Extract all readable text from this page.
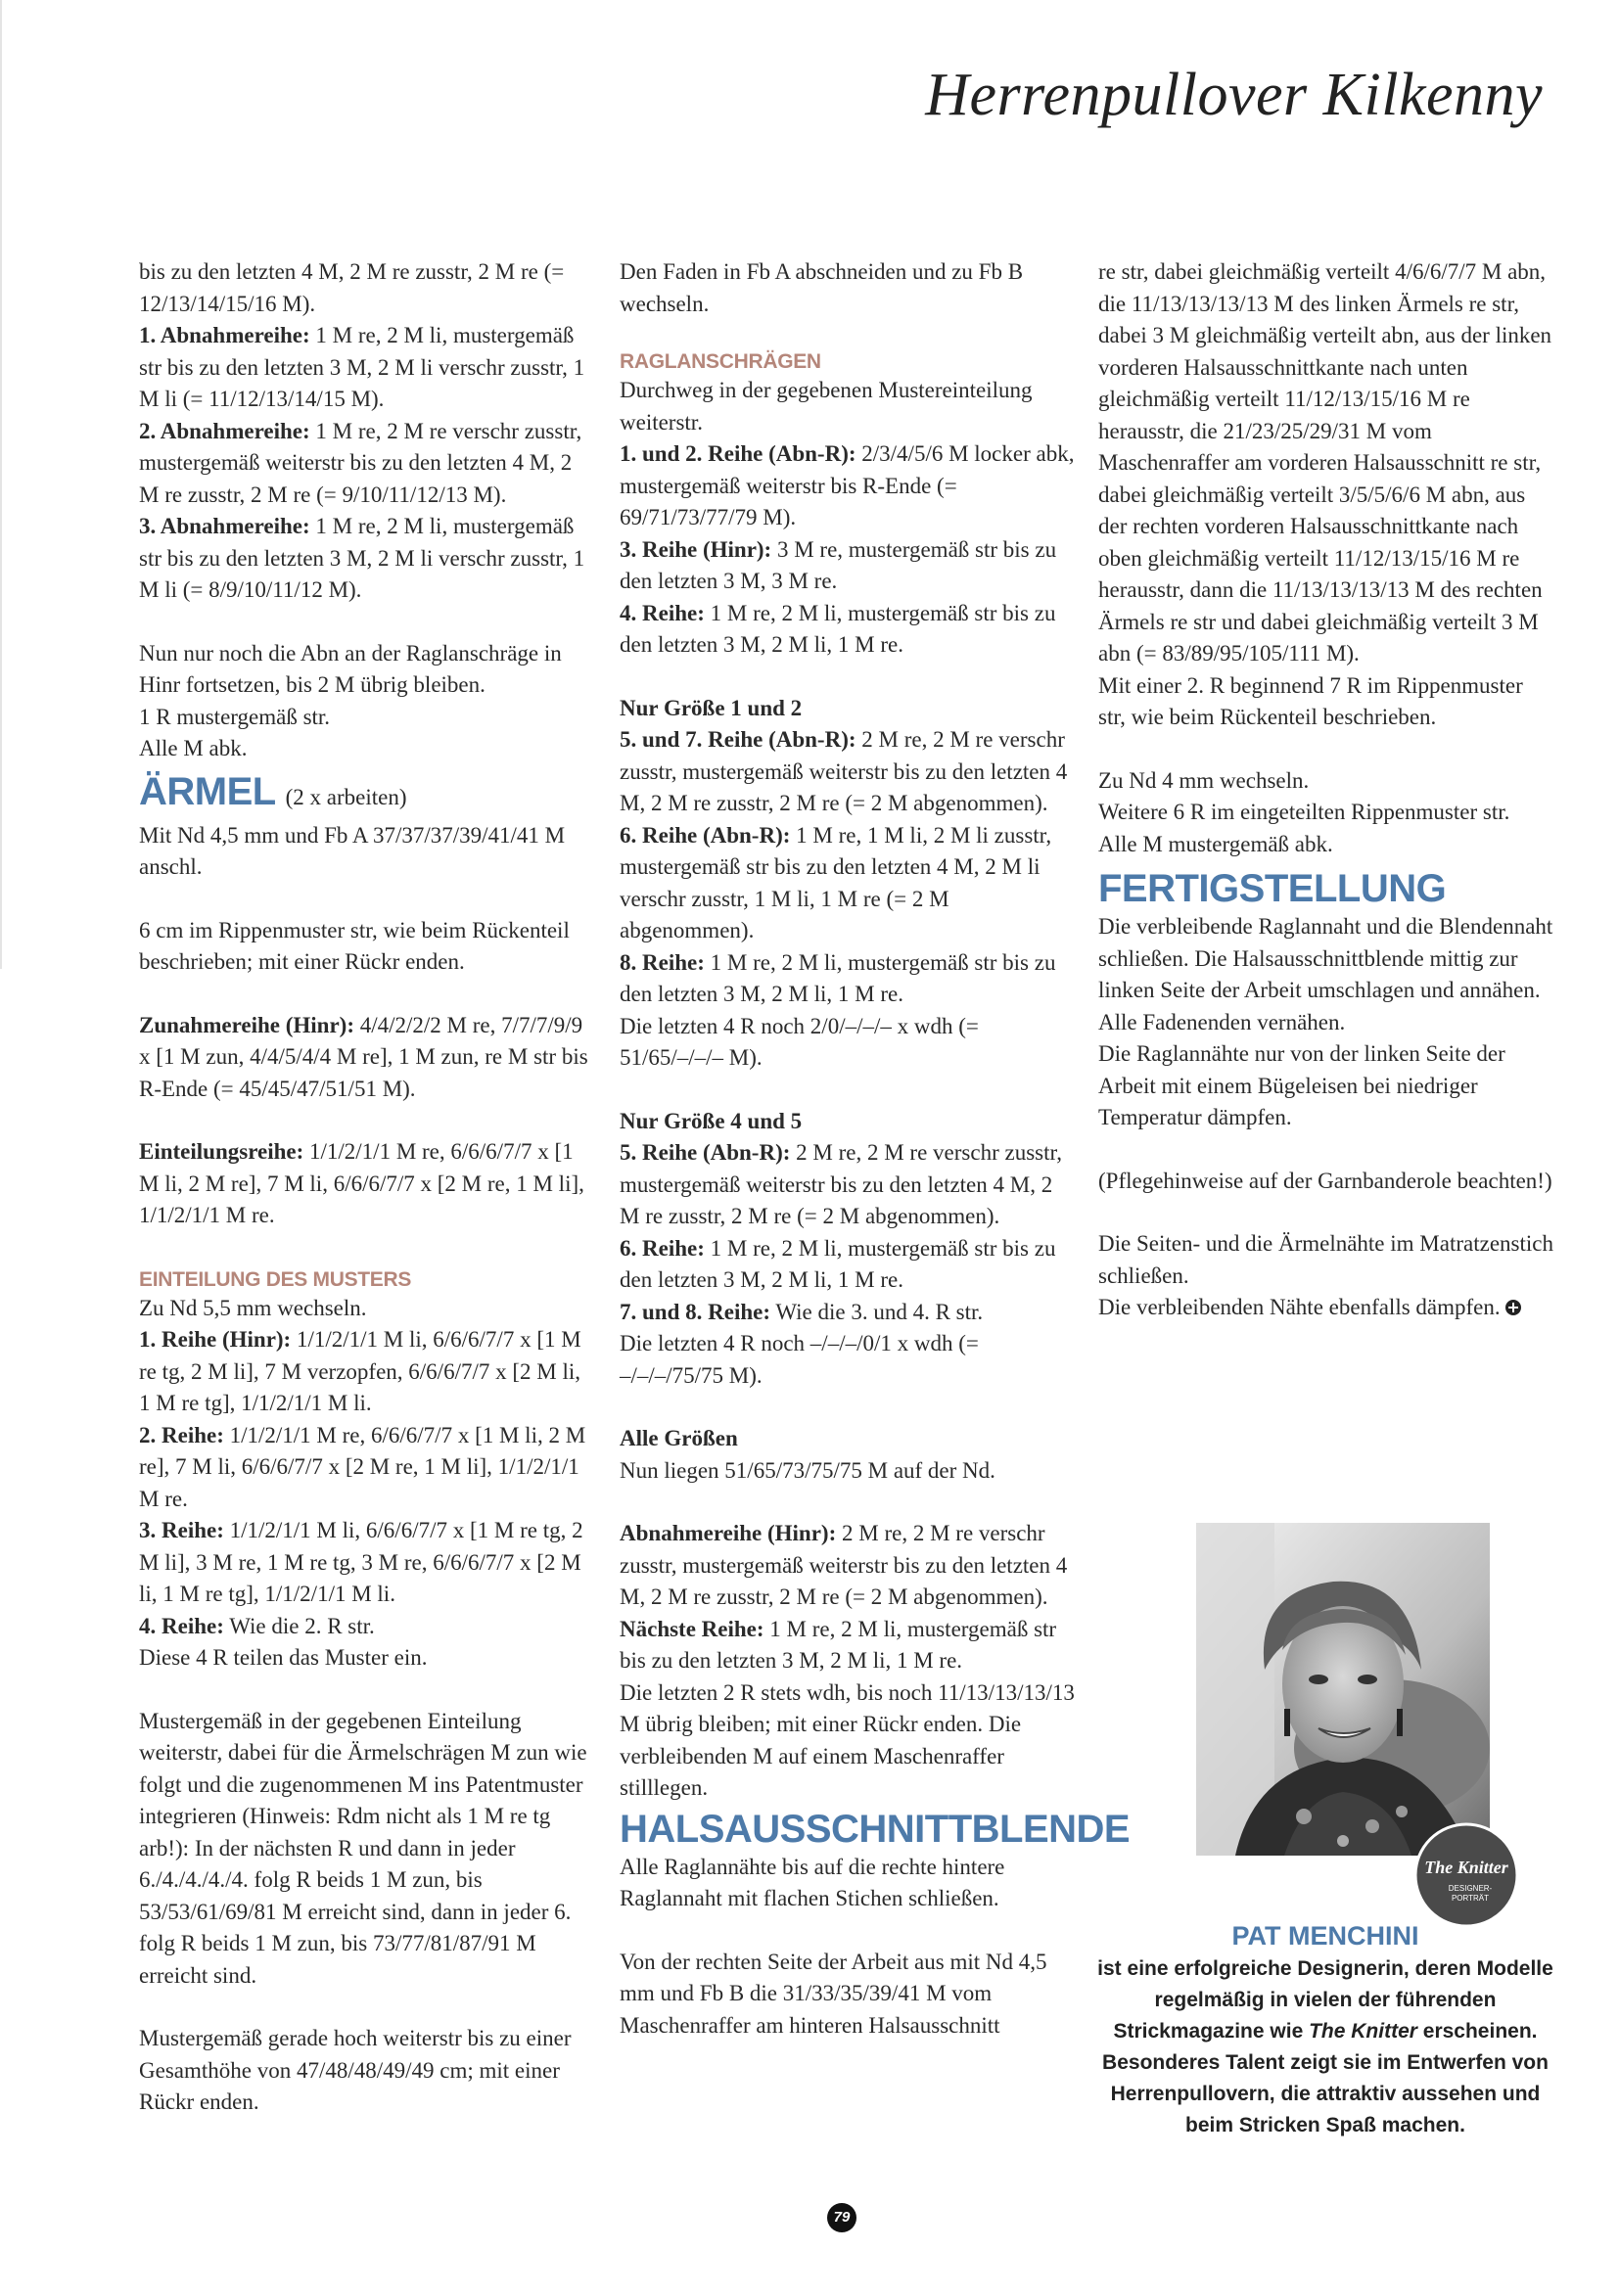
Herrenpullover Kilkenny

bis zu den letzten 4 M, 2 M re zusstr, 2 M re (= 12/13/14/15/16 M).

1. Abnahmereihe: 1 M re, 2 M li, mustergemäß str bis zu den letzten 3 M, 2 M li verschr zusstr, 1 M li (= 11/12/13/14/15 M).

2. Abnahmereihe: 1 M re, 2 M re verschr zusstr, mustergemäß weiterstr bis zu den letzten 4 M, 2 M re zusstr, 2 M re (= 9/10/11/12/13 M).

3. Abnahmereihe: 1 M re, 2 M li, mustergemäß str bis zu den letzten 3 M, 2 M li verschr zusstr, 1 M li (= 8/9/10/11/12 M).

Nun nur noch die Abn an der Raglanschräge in Hinr fortsetzen, bis 2 M übrig bleiben.

1 R mustergemäß str.

Alle M abk.

ÄRMEL (2 x arbeiten)

Mit Nd 4,5 mm und Fb A 37/37/37/39/41/41 M anschl.

6 cm im Rippenmuster str, wie beim Rückenteil beschrieben; mit einer Rückr enden.

Zunahmereihe (Hinr): 4/4/2/2/2 M re, 7/7/7/9/9 x [1 M zun, 4/4/5/4/4 M re], 1 M zun, re M str bis R-Ende (= 45/45/47/51/51 M).

Einteilungsreihe: 1/1/2/1/1 M re, 6/6/6/7/7 x [1 M li, 2 M re], 7 M li, 6/6/6/7/7 x [2 M re, 1 M li], 1/1/2/1/1 M re.

EINTEILUNG DES MUSTERS

Zu Nd 5,5 mm wechseln.

1. Reihe (Hinr): 1/1/2/1/1 M li, 6/6/6/7/7 x [1 M re tg, 2 M li], 7 M verzopfen, 6/6/6/7/7 x [2 M li, 1 M re tg], 1/1/2/1/1 M li.

2. Reihe: 1/1/2/1/1 M re, 6/6/6/7/7 x [1 M li, 2 M re], 7 M li, 6/6/6/7/7 x [2 M re, 1 M li], 1/1/2/1/1 M re.

3. Reihe: 1/1/2/1/1 M li, 6/6/6/7/7 x [1 M re tg, 2 M li], 3 M re, 1 M re tg, 3 M re, 6/6/6/7/7 x [2 M li, 1 M re tg], 1/1/2/1/1 M li.

4. Reihe: Wie die 2. R str.

Diese 4 R teilen das Muster ein.

Mustergemäß in der gegebenen Einteilung weiterstr, dabei für die Ärmelschrägen M zun wie folgt und die zugenommenen M ins Patentmuster integrieren (Hinweis: Rdm nicht als 1 M re tg arb!): In der nächsten R und dann in jeder 6./4./4./4./4. folg R beids 1 M zun, bis 53/53/61/69/81 M erreicht sind, dann in jeder 6. folg R beids 1 M zun, bis 73/77/81/87/91 M erreicht sind.

Mustergemäß gerade hoch weiterstr bis zu einer Gesamthöhe von 47/48/48/49/49 cm; mit einer Rückr enden.

Den Faden in Fb A abschneiden und zu Fb B wechseln.

RAGLANSCHRÄGEN

Durchweg in der gegebenen Mustereinteilung weiterstr.

1. und 2. Reihe (Abn-R): 2/3/4/5/6 M locker abk, mustergemäß weiterstr bis R-Ende (= 69/71/73/77/79 M).

3. Reihe (Hinr): 3 M re, mustergemäß str bis zu den letzten 3 M, 3 M re.

4. Reihe: 1 M re, 2 M li, mustergemäß str bis zu den letzten 3 M, 2 M li, 1 M re.

Nur Größe 1 und 2

5. und 7. Reihe (Abn-R): 2 M re, 2 M re verschr zusstr, mustergemäß weiterstr bis zu den letzten 4 M, 2 M re zusstr, 2 M re (= 2 M abgenommen).

6. Reihe (Abn-R): 1 M re, 1 M li, 2 M li zusstr, mustergemäß str bis zu den letzten 4 M, 2 M li verschr zusstr, 1 M li, 1 M re (= 2 M abgenommen).

8. Reihe: 1 M re, 2 M li, mustergemäß str bis zu den letzten 3 M, 2 M li, 1 M re.

Die letzten 4 R noch 2/0/–/–/– x wdh (= 51/65/–/–/– M).

Nur Größe 4 und 5

5. Reihe (Abn-R): 2 M re, 2 M re verschr zusstr, mustergemäß weiterstr bis zu den letzten 4 M, 2 M re zusstr, 2 M re (= 2 M abgenommen).

6. Reihe: 1 M re, 2 M li, mustergemäß str bis zu den letzten 3 M, 2 M li, 1 M re.

7. und 8. Reihe: Wie die 3. und 4. R str.

Die letzten 4 R noch –/–/–/0/1 x wdh (= –/–/–/75/75 M).

Alle Größen

Nun liegen 51/65/73/75/75 M auf der Nd.

Abnahmereihe (Hinr): 2 M re, 2 M re verschr zusstr, mustergemäß weiterstr bis zu den letzten 4 M, 2 M re zusstr, 2 M re (= 2 M abgenommen).

Nächste Reihe: 1 M re, 2 M li, mustergemäß str bis zu den letzten 3 M, 2 M li, 1 M re.

Die letzten 2 R stets wdh, bis noch 11/13/13/13/13 M übrig bleiben; mit einer Rückr enden. Die verbleibenden M auf einem Maschenraffer stilllegen.

HALSAUSSCHNITTBLENDE

Alle Raglannähte bis auf die rechte hintere Raglannaht mit flachen Stichen schließen.

Von der rechten Seite der Arbeit aus mit Nd 4,5 mm und Fb B die 31/33/35/39/41 M vom Maschenraffer am hinteren Halsausschnitt

re str, dabei gleichmäßig verteilt 4/6/6/7/7 M abn, die 11/13/13/13/13 M des linken Ärmels re str, dabei 3 M gleichmäßig verteilt abn, aus der linken vorderen Halsausschnittkante nach unten gleichmäßig verteilt 11/12/13/15/16 M re herausstr, die 21/23/25/29/31 M vom Maschenraffer am vorderen Halsausschnitt re str, dabei gleichmäßig verteilt 3/5/5/6/6 M abn, aus der rechten vorderen Halsausschnittkante nach oben gleichmäßig verteilt 11/12/13/15/16 M re herausstr, dann die 11/13/13/13/13 M des rechten Ärmels re str und dabei gleichmäßig verteilt 3 M abn (= 83/89/95/105/111 M).

Mit einer 2. R beginnend 7 R im Rippenmuster str, wie beim Rückenteil beschrieben.

Zu Nd 4 mm wechseln.

Weitere 6 R im eingeteilten Rippenmuster str.

Alle M mustergemäß abk.

FERTIGSTELLUNG

Die verbleibende Raglannaht und die Blendennaht schließen. Die Halsausschnittblende mittig zur linken Seite der Arbeit umschlagen und annähen.

Alle Fadenenden vernähen.

Die Raglannähte nur von der linken Seite der Arbeit mit einem Bügeleisen bei niedriger Temperatur dämpfen.

(Pflegehinweise auf der Garnbanderole beachten!)

Die Seiten- und die Ärmelnähte im Matratzenstich schließen.

Die verbleibenden Nähte ebenfalls dämpfen.

The Knitter
DESIGNER-
PORTRÄT
PAT MENCHINI
ist eine erfolgreiche Designerin, deren Modelle regelmäßig in vielen der führenden Strickmagazine wie The Knitter erscheinen. Besonderes Talent zeigt sie im Entwerfen von Herrenpullovern, die attraktiv aussehen und beim Stricken Spaß machen.
79
